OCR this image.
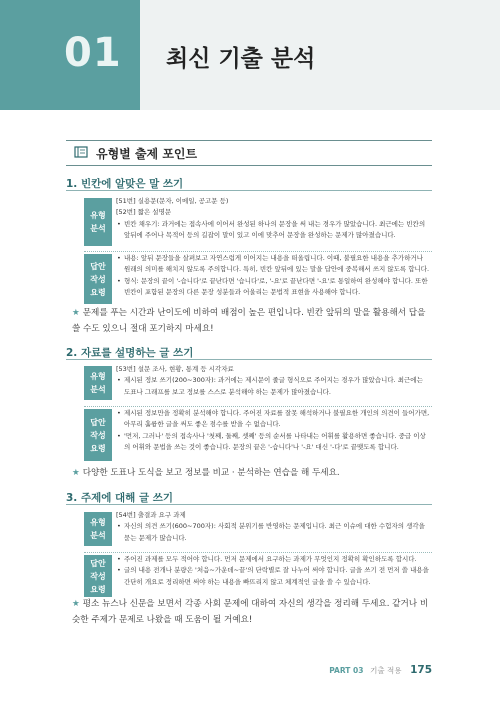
01 최신 기출 분석
유형별 출제 포인트
1. 빈칸에 알맞은 말 쓰기
유형
분석
[51번] 실용문(문자, 이메일, 공고문 등)
[52번] 짧은 설명문
• 빈칸 채우기: 과거에는 접속사에 이어서 완성된 하나의 문장을 써 내는 경우가 많았습니다. 최근에는 빈칸의 앞뒤에 주어나 목적어 등의 길잡이 말이 있고 이에 맞추어 문장을 완성하는 문제가 많아졌습니다.
답안
작성
요령
• 내용: 앞뒤 문장들을 살펴보고 자연스럽게 이어지는 내용을 떠올립니다. 이때, 불필요한 내용을 추가하거나 원래의 의미를 해치지 않도록 주의합니다. 특히, 빈칸 앞뒤에 있는 말을 답안에 중복해서 쓰지 않도록 합니다.
• 형식: 문장의 끝이 '-습니다'로 끝난다면 '습니다'로, '-요'로 끝난다면 '-요'로 통일하여 완성해야 합니다. 또한 빈칸이 포함된 문장의 다른 문장 성분들과 어울리는 문법적 표현을 사용해야 합니다.
★ 문제를 푸는 시간과 난이도에 비하여 배점이 높은 편입니다. 빈칸 앞뒤의 말을 활용해서 답을 쓸 수도 있으니 절대 포기하지 마세요!
2. 자료를 설명하는 글 쓰기
유형
분석
[53번] 설문 조사, 현황, 통계 등 시각자료
• 제시된 정보 쓰기(200~300자): 과거에는 제시문이 줄글 형식으로 주어지는 경우가 많았습니다. 최근에는 도표나 그래프를 보고 정보를 스스로 분석해야 하는 문제가 많아졌습니다.
답안
작성
요령
• 제시된 정보만을 정확히 분석해야 합니다. 주어진 자료를 잘못 해석하거나 불필요한 개인의 의견이 들어가면, 아무리 훌륭한 글을 써도 좋은 점수를 받을 수 없습니다.
• '먼저, 그러나' 등의 접속사나 '첫째, 둘째, 셋째' 등의 순서를 나타내는 어휘를 활용하면 좋습니다. 중급 이상의 어휘와 문법을 쓰는 것이 좋습니다. 문장의 끝은 '-습니다'나 '-요' 대신 '-다'로 끝맺도록 합니다.
★ 다양한 도표나 도식을 보고 정보를 비교 · 분석하는 연습을 해 두세요.
3. 주제에 대해 글 쓰기
유형
분석
[54번] 출결과 요구 과제
• 자신의 의견 쓰기(600~700자): 사회적 분위기를 반영하는 문제입니다. 최근 이슈에 대한 수험자의 생각을 묻는 문제가 많습니다.
답안
작성
요령
• 주어진 과제를 모두 적어야 합니다. 먼저 문제에서 요구하는 과제가 무엇인지 정확히 확인하도록 합시다.
• 글의 내용 전개나 분량은 '처음~가운데~끝'의 단락별로 잘 나누어 써야 합니다. 글을 쓰기 전 먼저 쓸 내용을 간단히 개요로 정리하면 써야 하는 내용을 빠뜨리지 않고 체계적인 글을 쓸 수 있습니다.
★ 평소 뉴스나 신문을 보면서 각종 사회 문제에 대하여 자신의 생각을 정리해 두세요. 같거나 비슷한 주제가 문제로 나왔을 때 도움이 될 거예요!
PART 03 기출 적용 175
